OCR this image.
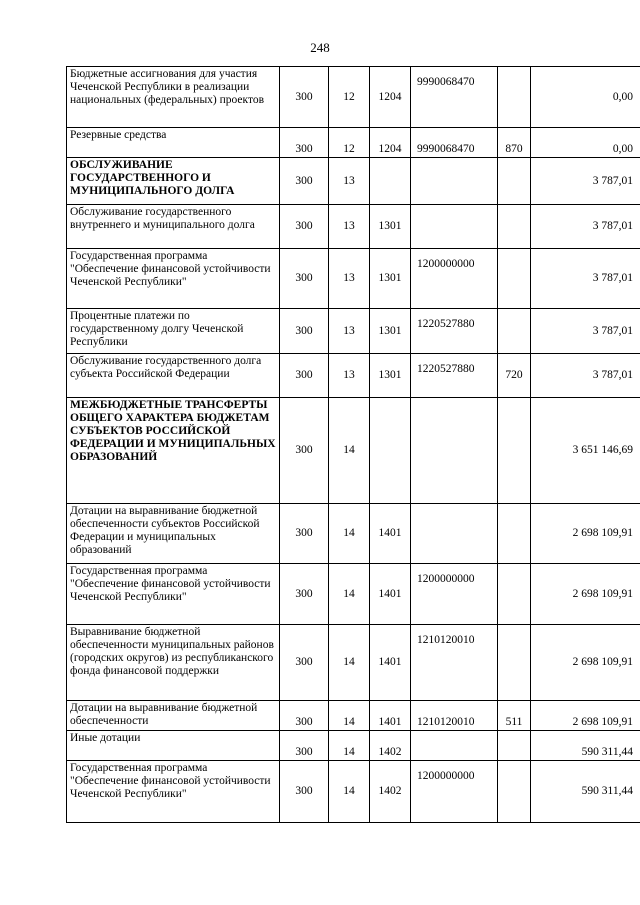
248
Бюджетные ассигнования для участия Чеченской Республики в реализации национальных (федеральных) проектов	300	12	1204	9990068470		0,00
Резервные средства	300	12	1204	9990068470	870	0,00
ОБСЛУЖИВАНИЕ ГОСУДАРСТВЕННОГО И МУНИЦИПАЛЬНОГО ДОЛГА	300	13				3 787,01
Обслуживание государственного внутреннего и муниципального долга	300	13	1301			3 787,01
Государственная программа "Обеспечение финансовой устойчивости Чеченской Республики"	300	13	1301	1200000000		3 787,01
Процентные платежи по государственному долгу Чеченской Республики	300	13	1301	1220527880		3 787,01
Обслуживание государственного долга субъекта Российской Федерации	300	13	1301	1220527880	720	3 787,01
МЕЖБЮДЖЕТНЫЕ ТРАНСФЕРТЫ ОБЩЕГО ХАРАКТЕРА БЮДЖЕТАМ СУБЪЕКТОВ РОССИЙСКОЙ ФЕДЕРАЦИИ И МУНИЦИПАЛЬНЫХ ОБРАЗОВАНИЙ	300	14				3 651 146,69
Дотации на выравнивание бюджетной обеспеченности субъектов Российской Федерации и муниципальных образований	300	14	1401			2 698 109,91
Государственная программа "Обеспечение финансовой устойчивости Чеченской Республики"	300	14	1401	1200000000		2 698 109,91
Выравнивание бюджетной обеспеченности муниципальных районов (городских округов) из республиканского фонда финансовой поддержки	300	14	1401	1210120010		2 698 109,91
Дотации на выравнивание бюджетной обеспеченности	300	14	1401	1210120010	511	2 698 109,91
Иные дотации	300	14	1402			590 311,44
Государственная программа "Обеспечение финансовой устойчивости Чеченской Республики"	300	14	1402	1200000000		590 311,44
